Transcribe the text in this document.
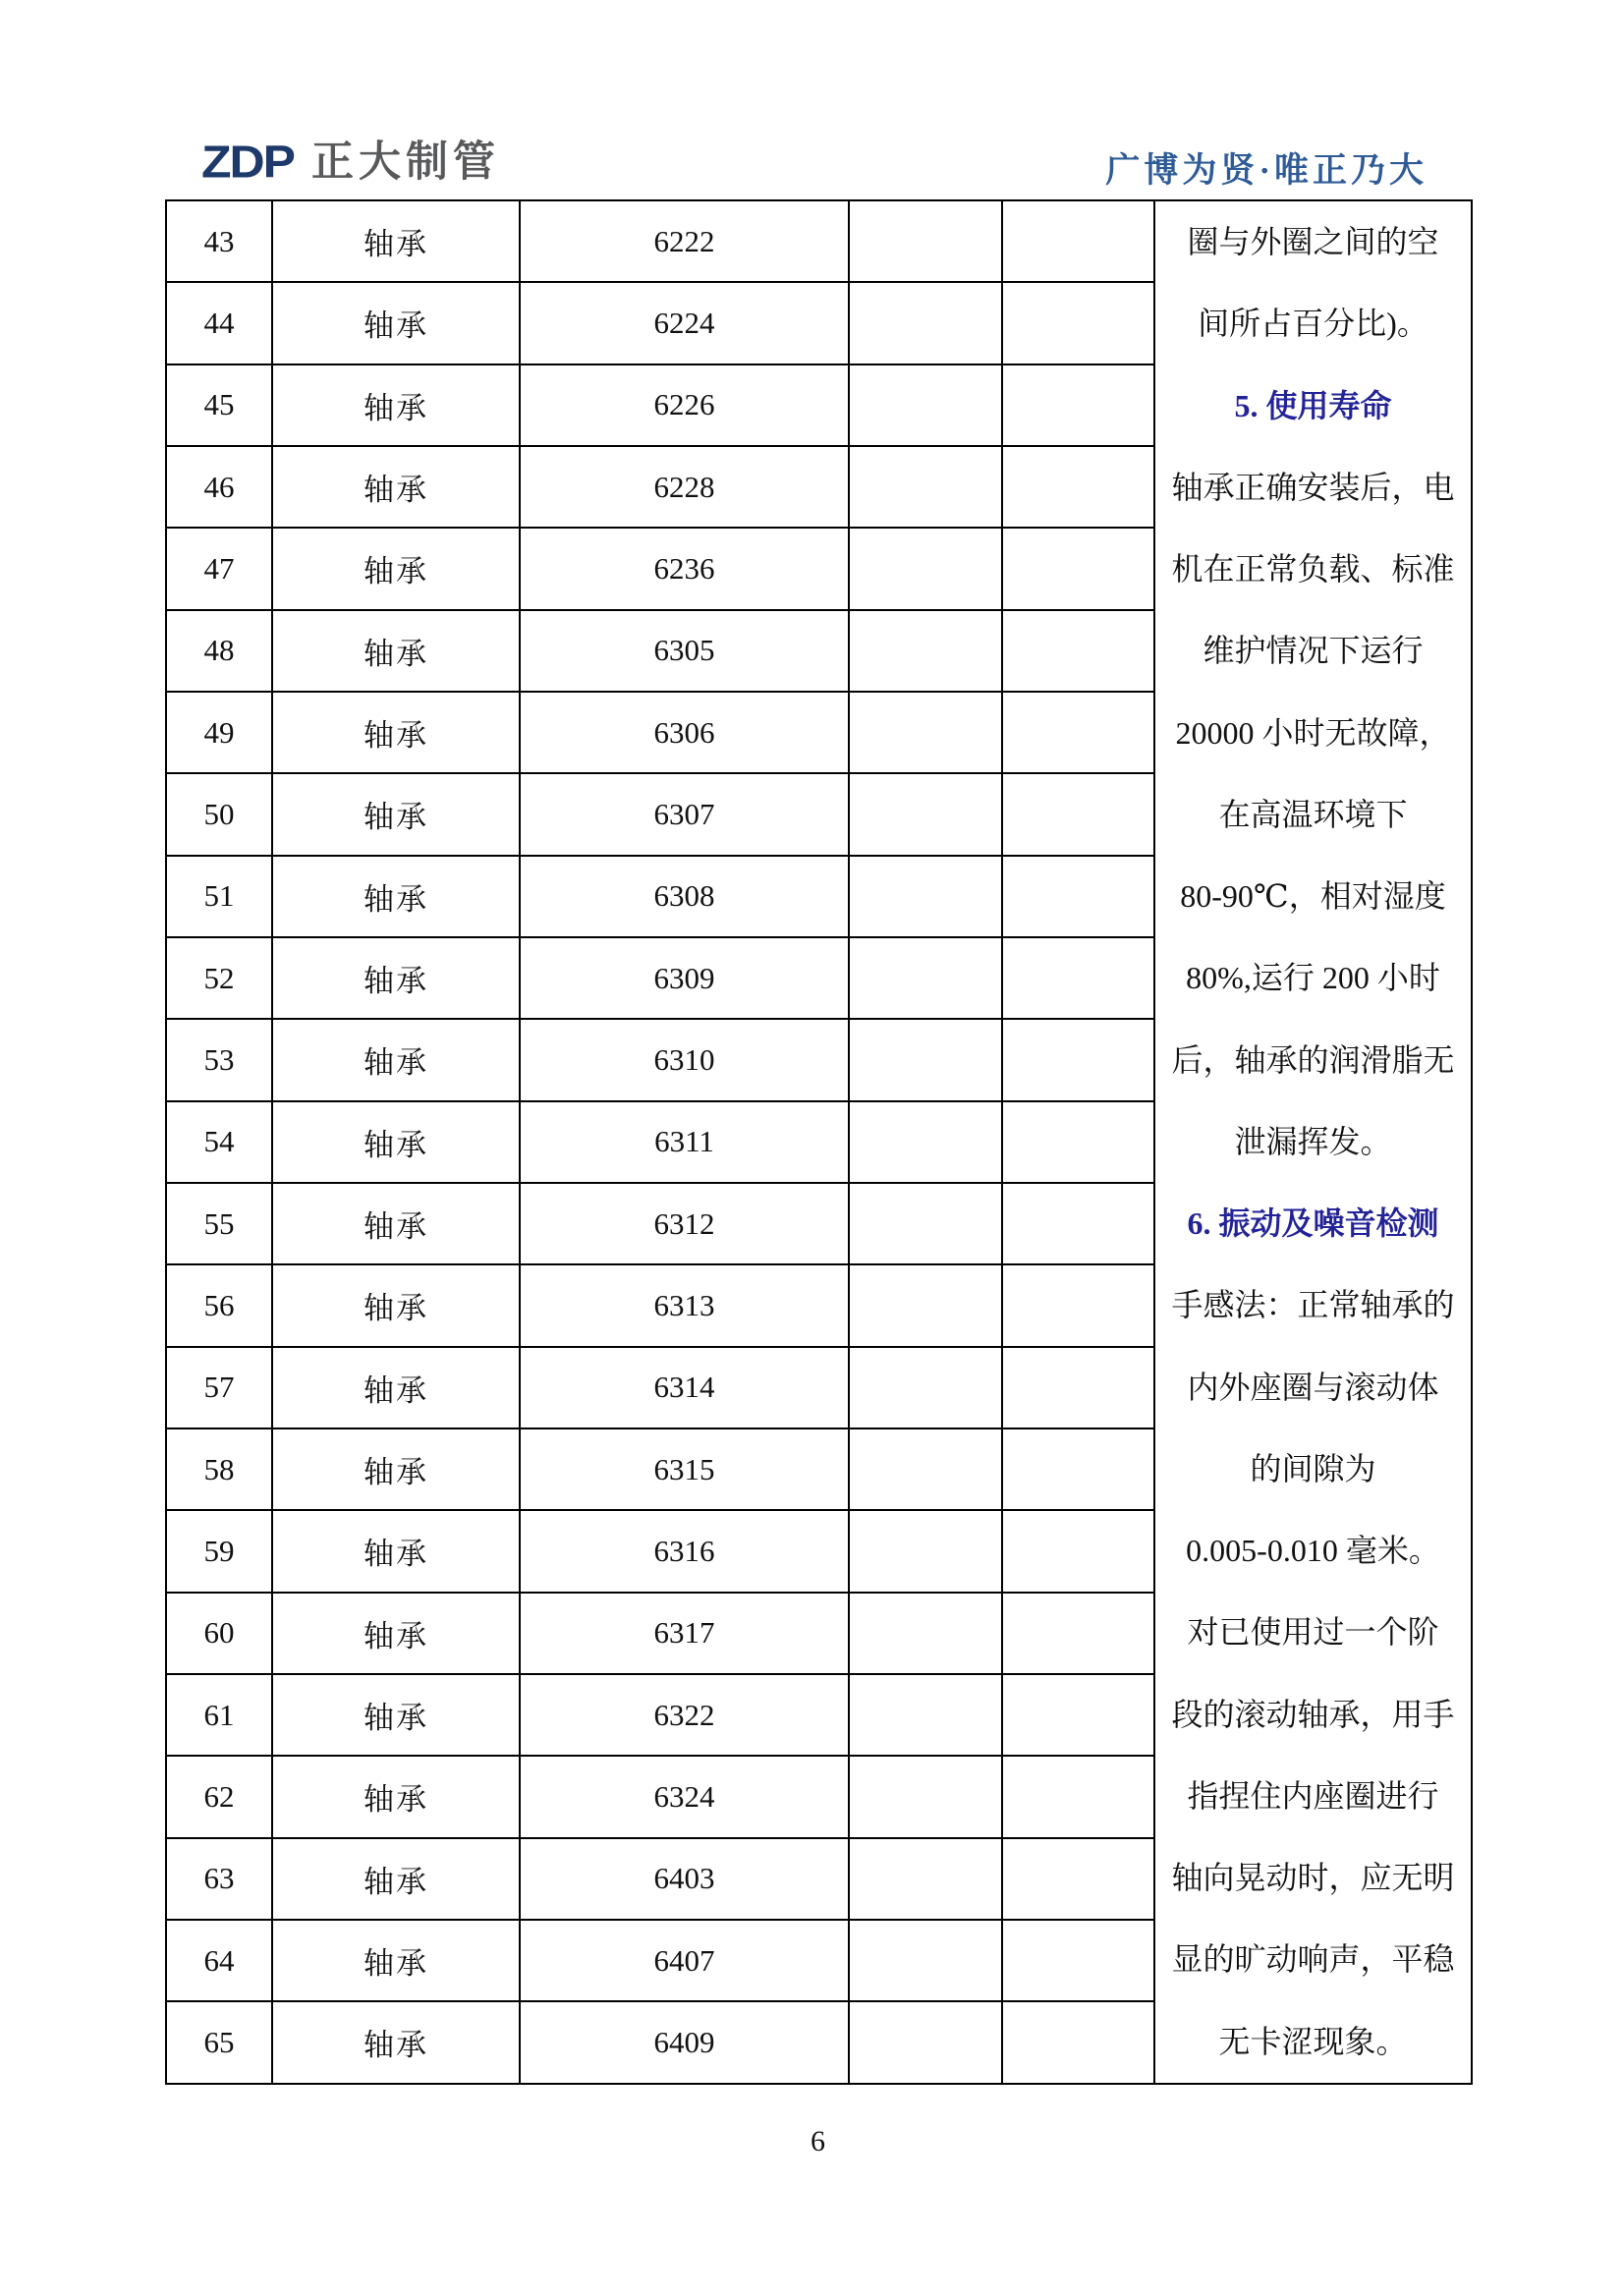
ZDP 正大制管	广博为贤·唯正乃大
43	轴承	6222			圈与外圈之间的空
间所占百分比)。
5. 使用寿命
轴承正确安装后，电
机在正常负载、标准
维护情况下运行
20000 小时无故障，
在高温环境下
80-90℃，相对湿度
80%,运行 200 小时
后，轴承的润滑脂无
泄漏挥发。
6. 振动及噪音检测
手感法：正常轴承的
内外座圈与滚动体
的间隙为
0.005-0.010 毫米。
对已使用过一个阶
段的滚动轴承，用手
指捏住内座圈进行
轴向晃动时，应无明
显的旷动响声，平稳
无卡涩现象。

44	轴承	6224			
45	轴承	6226			
46	轴承	6228			
47	轴承	6236			
48	轴承	6305			
49	轴承	6306			
50	轴承	6307			
51	轴承	6308			
52	轴承	6309			
53	轴承	6310			
54	轴承	6311			
55	轴承	6312			
56	轴承	6313			
57	轴承	6314			
58	轴承	6315			
59	轴承	6316			
60	轴承	6317			
61	轴承	6322			
62	轴承	6324			
63	轴承	6403			
64	轴承	6407			
65	轴承	6409			
6
